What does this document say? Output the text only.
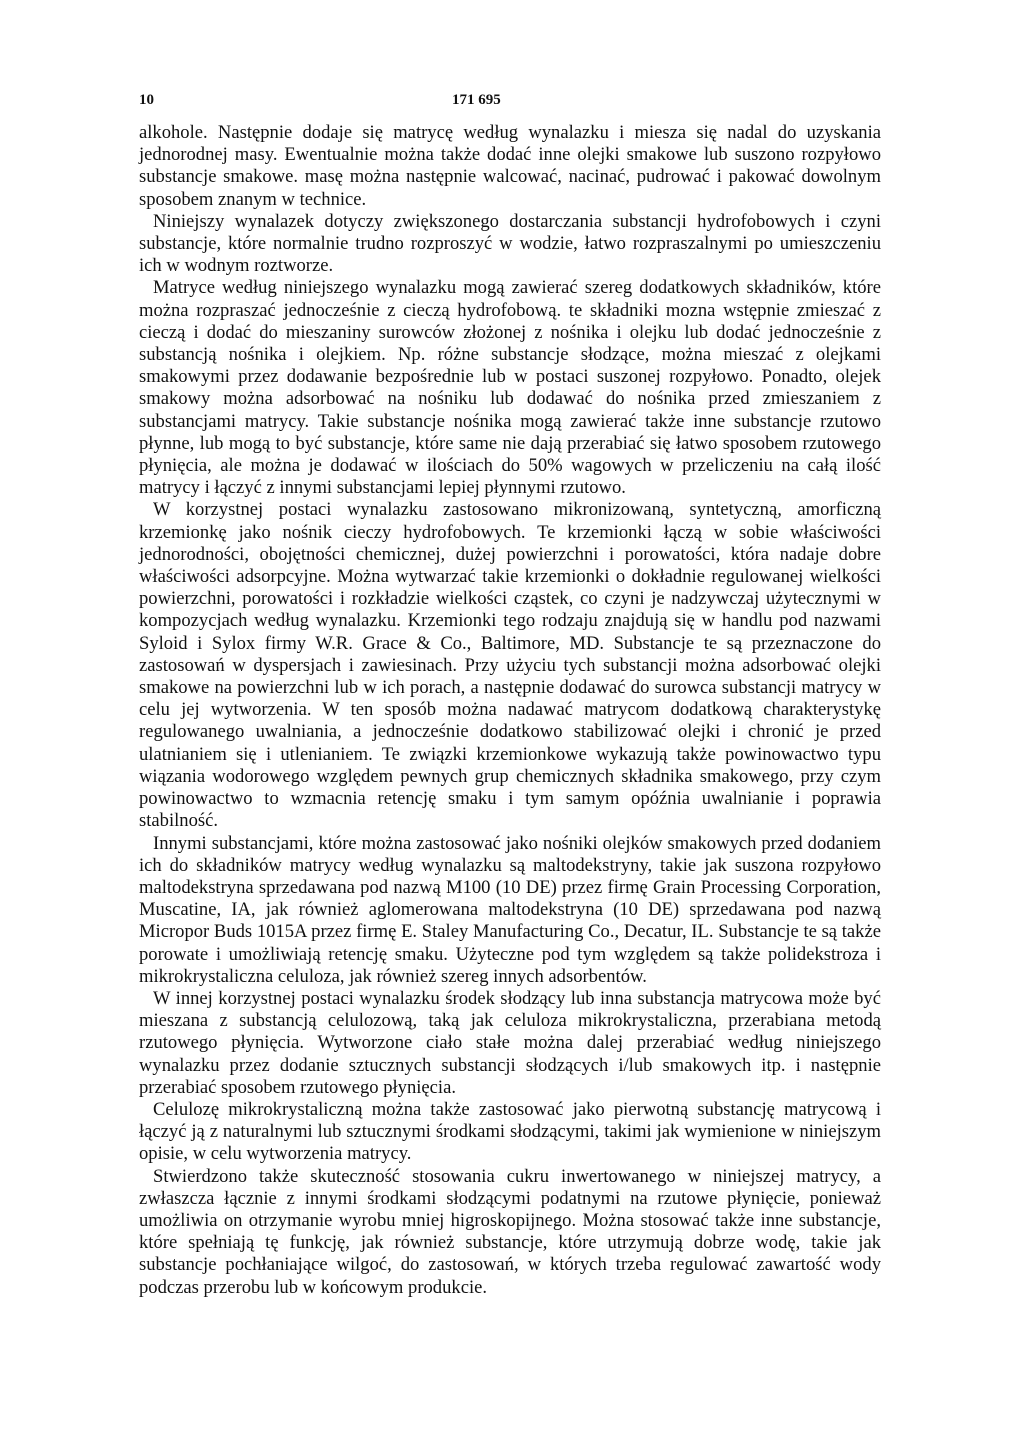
10	171 695

alkohole. Następnie dodaje się matrycę według wynalazku i miesza się nadal do uzyskania jednorodnej masy. Ewentualnie można także dodać inne olejki smakowe lub suszono rozpyłowo substancje smakowe. masę można następnie walcować, nacinać, pudrować i pakować dowolnym sposobem znanym w technice.

Niniejszy wynalazek dotyczy zwiększonego dostarczania substancji hydrofobowych i czyni substancje, które normalnie trudno rozproszyć w wodzie, łatwo rozpraszalnymi po umieszczeniu ich w wodnym roztworze.

Matryce według niniejszego wynalazku mogą zawierać szereg dodatkowych składników, które można rozpraszać jednocześnie z cieczą hydrofobową. te składniki mozna wstępnie zmieszać z cieczą i dodać do mieszaniny surowców złożonej z nośnika i olejku lub dodać jednocześnie z substancją nośnika i olejkiem. Np. różne substancje słodzące, można mieszać z olejkami smakowymi przez dodawanie bezpośrednie lub w postaci suszonej rozpyłowo. Ponadto, olejek smakowy można adsorbować na nośniku lub dodawać do nośnika przed zmieszaniem z substancjami matrycy. Takie substancje nośnika mogą zawierać także inne substancje rzutowo płynne, lub mogą to być substancje, które same nie dają przerabiać się łatwo sposobem rzutowego płynięcia, ale można je dodawać w ilościach do 50% wagowych w przeliczeniu na całą ilość matrycy i łączyć z innymi substancjami lepiej płynnymi rzutowo.

W korzystnej postaci wynalazku zastosowano mikronizowaną, syntetyczną, amorficzną krzemionkę jako nośnik cieczy hydrofobowych. Te krzemionki łączą w sobie właściwości jednorodności, obojętności chemicznej, dużej powierzchni i porowatości, która nadaje dobre właściwości adsorpcyjne. Można wytwarzać takie krzemionki o dokładnie regulowanej wielkości powierzchni, porowatości i rozkładzie wielkości cząstek, co czyni je nadzywczaj użytecznymi w kompozycjach według wynalazku. Krzemionki tego rodzaju znajdują się w handlu pod nazwami Syloid i Sylox firmy W.R. Grace & Co., Baltimore, MD. Substancje te są przeznaczone do zastosowań w dyspersjach i zawiesinach. Przy użyciu tych substancji można adsorbować olejki smakowe na powierzchni lub w ich porach, a następnie dodawać do surowca substancji matrycy w celu jej wytworzenia. W ten sposób można nadawać matrycom dodatkową charakterystykę regulowanego uwalniania, a jednocześnie dodatkowo stabilizować olejki i chronić je przed ulatnianiem się i utlenianiem. Te związki krzemionkowe wykazują także powinowactwo typu wiązania wodorowego względem pewnych grup chemicznych składnika smakowego, przy czym powinowactwo to wzmacnia retencję smaku i tym samym opóźnia uwalnianie i poprawia stabilność.

Innymi substancjami, które można zastosować jako nośniki olejków smakowych przed dodaniem ich do składników matrycy według wynalazku są maltodekstryny, takie jak suszona rozpyłowo maltodekstryna sprzedawana pod nazwą M100 (10 DE) przez firmę Grain Processing Corporation, Muscatine, IA, jak również aglomerowana maltodekstryna (10 DE) sprzedawana pod nazwą Micropor Buds 1015A przez firmę E. Staley Manufacturing Co., Decatur, IL. Substancje te są także porowate i umożliwiają retencję smaku. Użyteczne pod tym względem są także polidekstroza i mikrokrystaliczna celuloza, jak również szereg innych adsorbentów.

W innej korzystnej postaci wynalazku środek słodzący lub inna substancja matrycowa może być mieszana z substancją celulozową, taką jak celuloza mikrokrystaliczna, przerabiana metodą rzutowego płynięcia. Wytworzone ciało stałe można dalej przerabiać według niniejszego wynalazku przez dodanie sztucznych substancji słodzących i/lub smakowych itp. i następnie przerabiać sposobem rzutowego płynięcia.

Celulozę mikrokrystaliczną można także zastosować jako pierwotną substancję matrycową i łączyć ją z naturalnymi lub sztucznymi środkami słodzącymi, takimi jak wymienione w niniejszym opisie, w celu wytworzenia matrycy.

Stwierdzono także skuteczność stosowania cukru inwertowanego w niniejszej matrycy, a zwłaszcza łącznie z innymi środkami słodzącymi podatnymi na rzutowe płynięcie, ponieważ umożliwia on otrzymanie wyrobu mniej higroskopijnego. Można stosować także inne substancje, które spełniają tę funkcję, jak również substancje, które utrzymują dobrze wodę, takie jak substancje pochłaniające wilgoć, do zastosowań, w których trzeba regulować zawartość wody podczas przerobu lub w końcowym produkcie.
